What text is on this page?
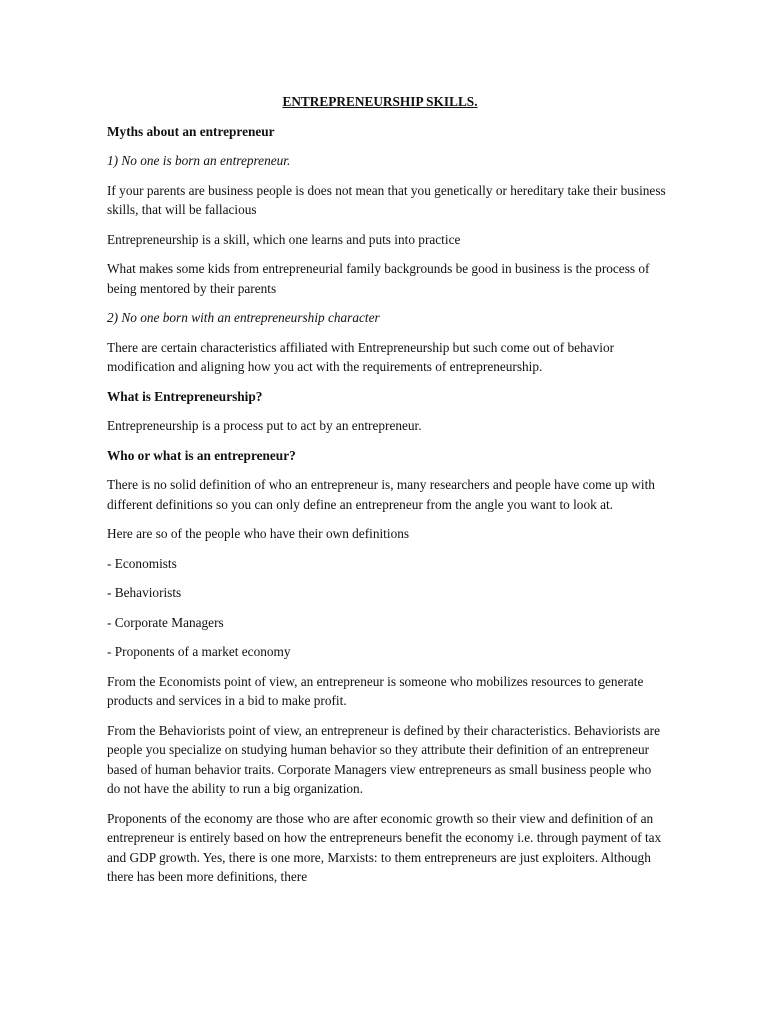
ENTREPRENEURSHIP SKILLS.

Myths about an entrepreneur

1) No one is born an entrepreneur.

If your parents are business people is does not mean that you genetically or hereditary take their business skills, that will be fallacious

Entrepreneurship is a skill, which one learns and puts into practice

What makes some kids from entrepreneurial family backgrounds be good in business is the process of being mentored by their parents

2) No one born with an entrepreneurship character

There are certain characteristics affiliated with Entrepreneurship but such come out of behavior modification and aligning how you act with the requirements of entrepreneurship.

What is Entrepreneurship?

Entrepreneurship is a process put to act by an entrepreneur.

Who or what is an entrepreneur?

There is no solid definition of who an entrepreneur is, many researchers and people have come up with different definitions so you can only define an entrepreneur from the angle you want to look at.

Here are so of the people who have their own definitions

- Economists

- Behaviorists

- Corporate Managers

- Proponents of a market economy

From the Economists point of view, an entrepreneur is someone who mobilizes resources to generate products and services in a bid to make profit.

From the Behaviorists point of view, an entrepreneur is defined by their characteristics. Behaviorists are people you specialize on studying human behavior so they attribute their definition of an entrepreneur based of human behavior traits. Corporate Managers view entrepreneurs as small business people who do not have the ability to run a big organization.

Proponents of the economy are those who are after economic growth so their view and definition of an entrepreneur is entirely based on how the entrepreneurs benefit the economy i.e. through payment of tax and GDP growth. Yes, there is one more, Marxists: to them entrepreneurs are just exploiters. Although there has been more definitions, there
